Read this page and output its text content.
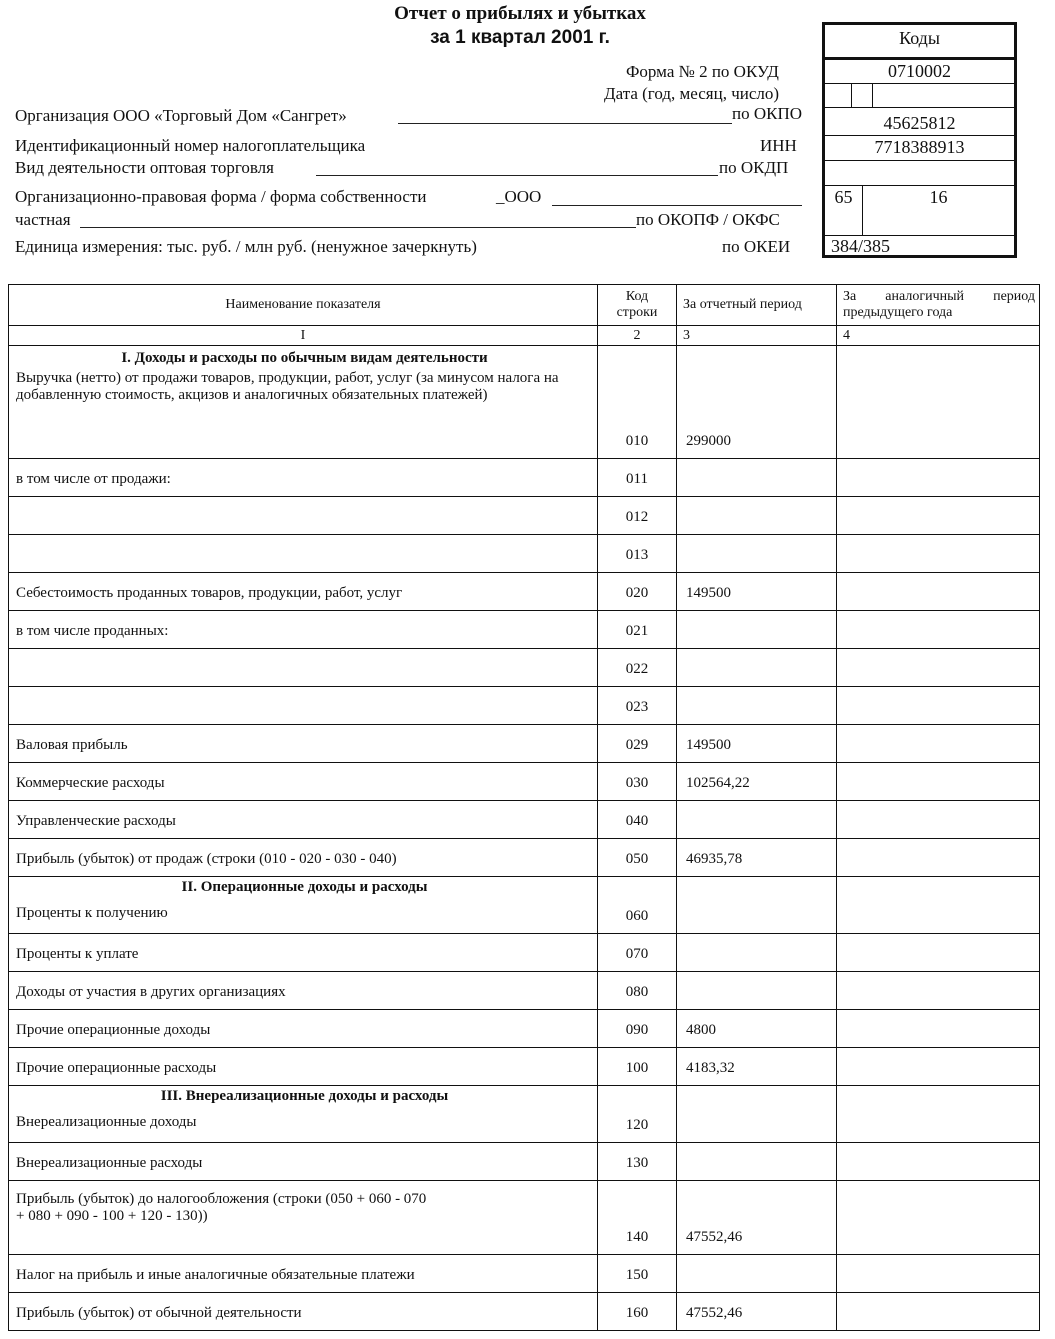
Отчет о прибылях и убытках
за 1 квартал 2001 г.
Форма № 2 по ОКУД
Дата (год, месяц, число)
Организация ООО «Торговый Дом «Сангрет»	по ОКПО
Идентификационный номер налогоплательщика	ИНН
Вид деятельности оптовая торговля	по ОКДП
Организационно-правовая форма / форма собственности	_ООО
частная	по ОКОПФ / ОКФС
Единица измерения: тыс. руб. / млн руб. (ненужное зачеркнуть)	по ОКЕИ
Коды
0710002
45625812
7718388913
65	16
384/385
Наименование показателя	Код строки	За отчетный период	За аналогичный период предыдущего года
I	2	3	4

I. Доходы и расходы по обычным видам деятельности
Выручка (нетто) от продажи товаров, продукции, работ, услуг (за минусом налога на добавленную стоимость, акцизов и аналогичных обязательных платежей)	010	299000	
в том числе от продажи:	011		
	012		
	013		
Себестоимость проданных товаров, продукции, работ, услуг	020	149500	
в том числе проданных:	021		
	022		
	023		
Валовая прибыль	029	149500	
Коммерческие расходы	030	102564,22	
Управленческие расходы	040		
Прибыль (убыток) от продаж (строки (010 - 020 - 030 - 040)	050	46935,78	

II. Операционные доходы и расходы
Проценты к получению	060		
Проценты к уплате	070		
Доходы от участия в других организациях	080		
Прочие операционные доходы	090	4800	
Прочие операционные расходы	100	4183,32	

III. Внереализационные доходы и расходы
Внереализационные доходы	120		
Внереализационные расходы	130		

Прибыль (убыток) до налогообложения (строки (050 + 060 - 070 + 080 + 090 - 100 + 120 - 130))	140	47552,46	
Налог на прибыль и иные аналогичные обязательные платежи	150		
Прибыль (убыток) от обычной деятельности	160	47552,46	
